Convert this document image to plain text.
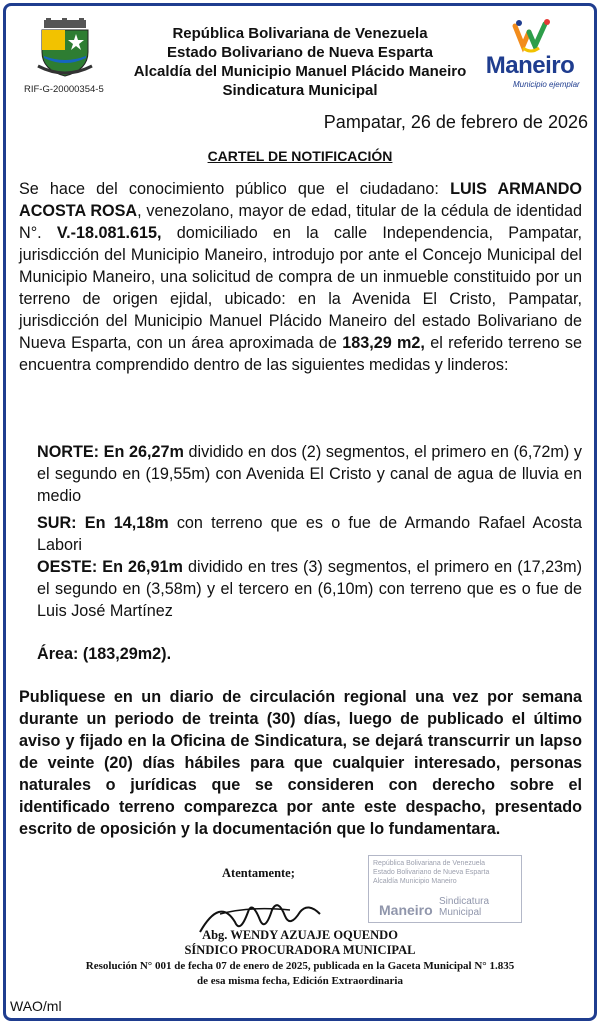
RIF-G-20000354-5
República Bolivariana de Venezuela
Estado Bolivariano de Nueva Esparta
Alcaldía del Municipio Manuel Plácido Maneiro
Sindicatura Municipal
Maneiro
Municipio ejemplar
Pampatar, 26 de febrero de 2026
CARTEL DE NOTIFICACIÓN
Se hace del conocimiento público que el ciudadano: LUIS ARMANDO ACOSTA ROSA, venezolano, mayor de edad, titular de la cédula de identidad N°. V.-18.081.615, domiciliado en la calle Independencia, Pampatar, jurisdicción del Municipio Maneiro, introdujo por ante el Concejo Municipal del Municipio Maneiro, una solicitud de compra de un inmueble constituido por un terreno de origen ejidal, ubicado: en la Avenida El Cristo, Pampatar, jurisdicción del Municipio Manuel Plácido Maneiro del estado Bolivariano de Nueva Esparta, con un área aproximada de 183,29 m2, el referido terreno se encuentra comprendido dentro de las siguientes medidas y linderos:
NORTE: En 26,27m dividido en dos (2) segmentos, el primero en (6,72m) y el segundo en (19,55m) con Avenida El Cristo y canal de agua de lluvia en medio
SUR: En 14,18m con terreno que es o fue de Armando Rafael Acosta Labori
OESTE: En 26,91m dividido en tres (3) segmentos, el primero en (17,23m) el segundo en (3,58m) y el tercero en (6,10m) con terreno que es o fue de Luis José Martínez
Área: (183,29m2).
Publiquese en un diario de circulación regional una vez por semana durante un periodo de treinta (30) días, luego de publicado el último aviso y fijado en la Oficina de Sindicatura, se dejará transcurrir un lapso de veinte (20) días hábiles para que cualquier interesado, personas naturales o jurídicas que se consideren con derecho sobre el identificado terreno comparezca por ante este despacho, presentado escrito de oposición y la documentación que lo fundamentara.
Atentamente;
República Bolivariana de Venezuela
Estado Bolivariano de Nueva Esparta
Alcaldía Municipio Maneiro
Maneiro
Sindicatura
Municipal
Abg. WENDY AZUAJE OQUENDO
SÍNDICO PROCURADORA MUNICIPAL
Resolución N° 001 de fecha 07 de enero de 2025, publicada en la Gaceta Municipal N° 1.835 de esa misma fecha, Edición Extraordinaria
WAO/ml
